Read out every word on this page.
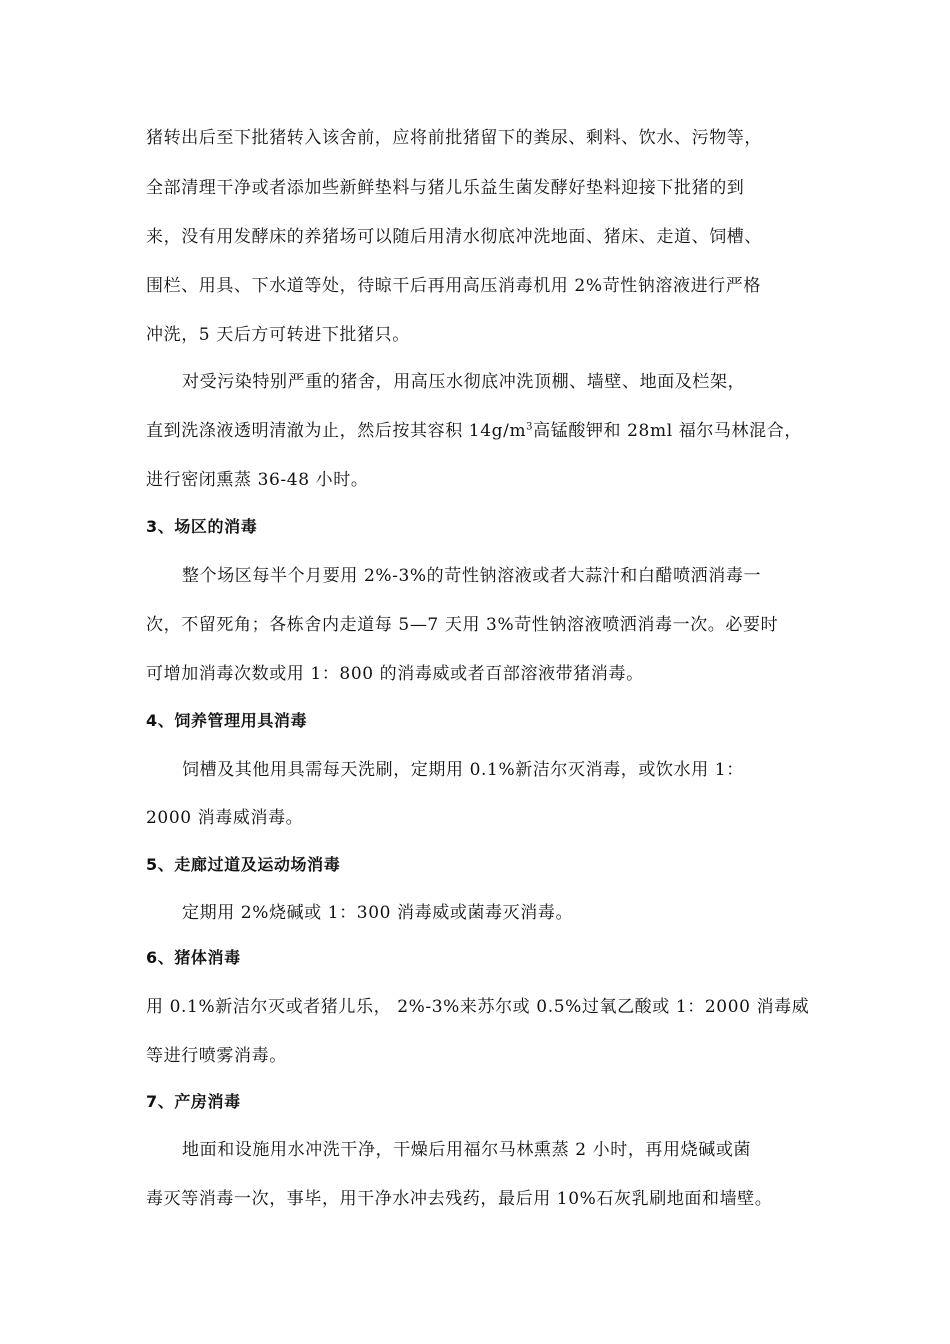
猪转出后至下批猪转入该舍前，应将前批猪留下的粪尿、剩料、饮水、污物等，
全部清理干净或者添加些新鲜垫料与猪儿乐益生菌发酵好垫料迎接下批猪的到
来，没有用发酵床的养猪场可以随后用清水彻底冲洗地面、猪床、走道、饲槽、
围栏、用具、下水道等处，待晾干后再用高压消毒机用 2%苛性钠溶液进行严格
冲洗，5 天后方可转进下批猪只。
对受污染特别严重的猪舍，用高压水彻底冲洗顶棚、墙壁、地面及栏架，
直到洗涤液透明清澈为止，然后按其容积 $14g/m^3$高锰酸钾和 28ml 福尔马林混合，
进行密闭熏蒸 36-48 小时。
3、场区的消毒
整个场区每半个月要用 2%-3%的苛性钠溶液或者大蒜汁和白醋喷洒消毒一
次，不留死角；各栋舍内走道每 5—7 天用 3%苛性钠溶液喷洒消毒一次。必要时
可增加消毒次数或用 1：800 的消毒威或者百部溶液带猪消毒。
4、饲养管理用具消毒
饲槽及其他用具需每天洗刷，定期用 0.1%新洁尔灭消毒，或饮水用 1：
2000 消毒威消毒。
5、走廊过道及运动场消毒
定期用 2%烧碱或 1：300 消毒威或菌毒灭消毒。
6、猪体消毒
用 0.1%新洁尔灭或者猪儿乐， 2%-3%来苏尔或 0.5%过氧乙酸或 1：2000 消毒威
等进行喷雾消毒。
7、产房消毒
地面和设施用水冲洗干净，干燥后用福尔马林熏蒸 2 小时，再用烧碱或菌
毒灭等消毒一次，事毕，用干净水冲去残药，最后用 10%石灰乳刷地面和墙壁。
